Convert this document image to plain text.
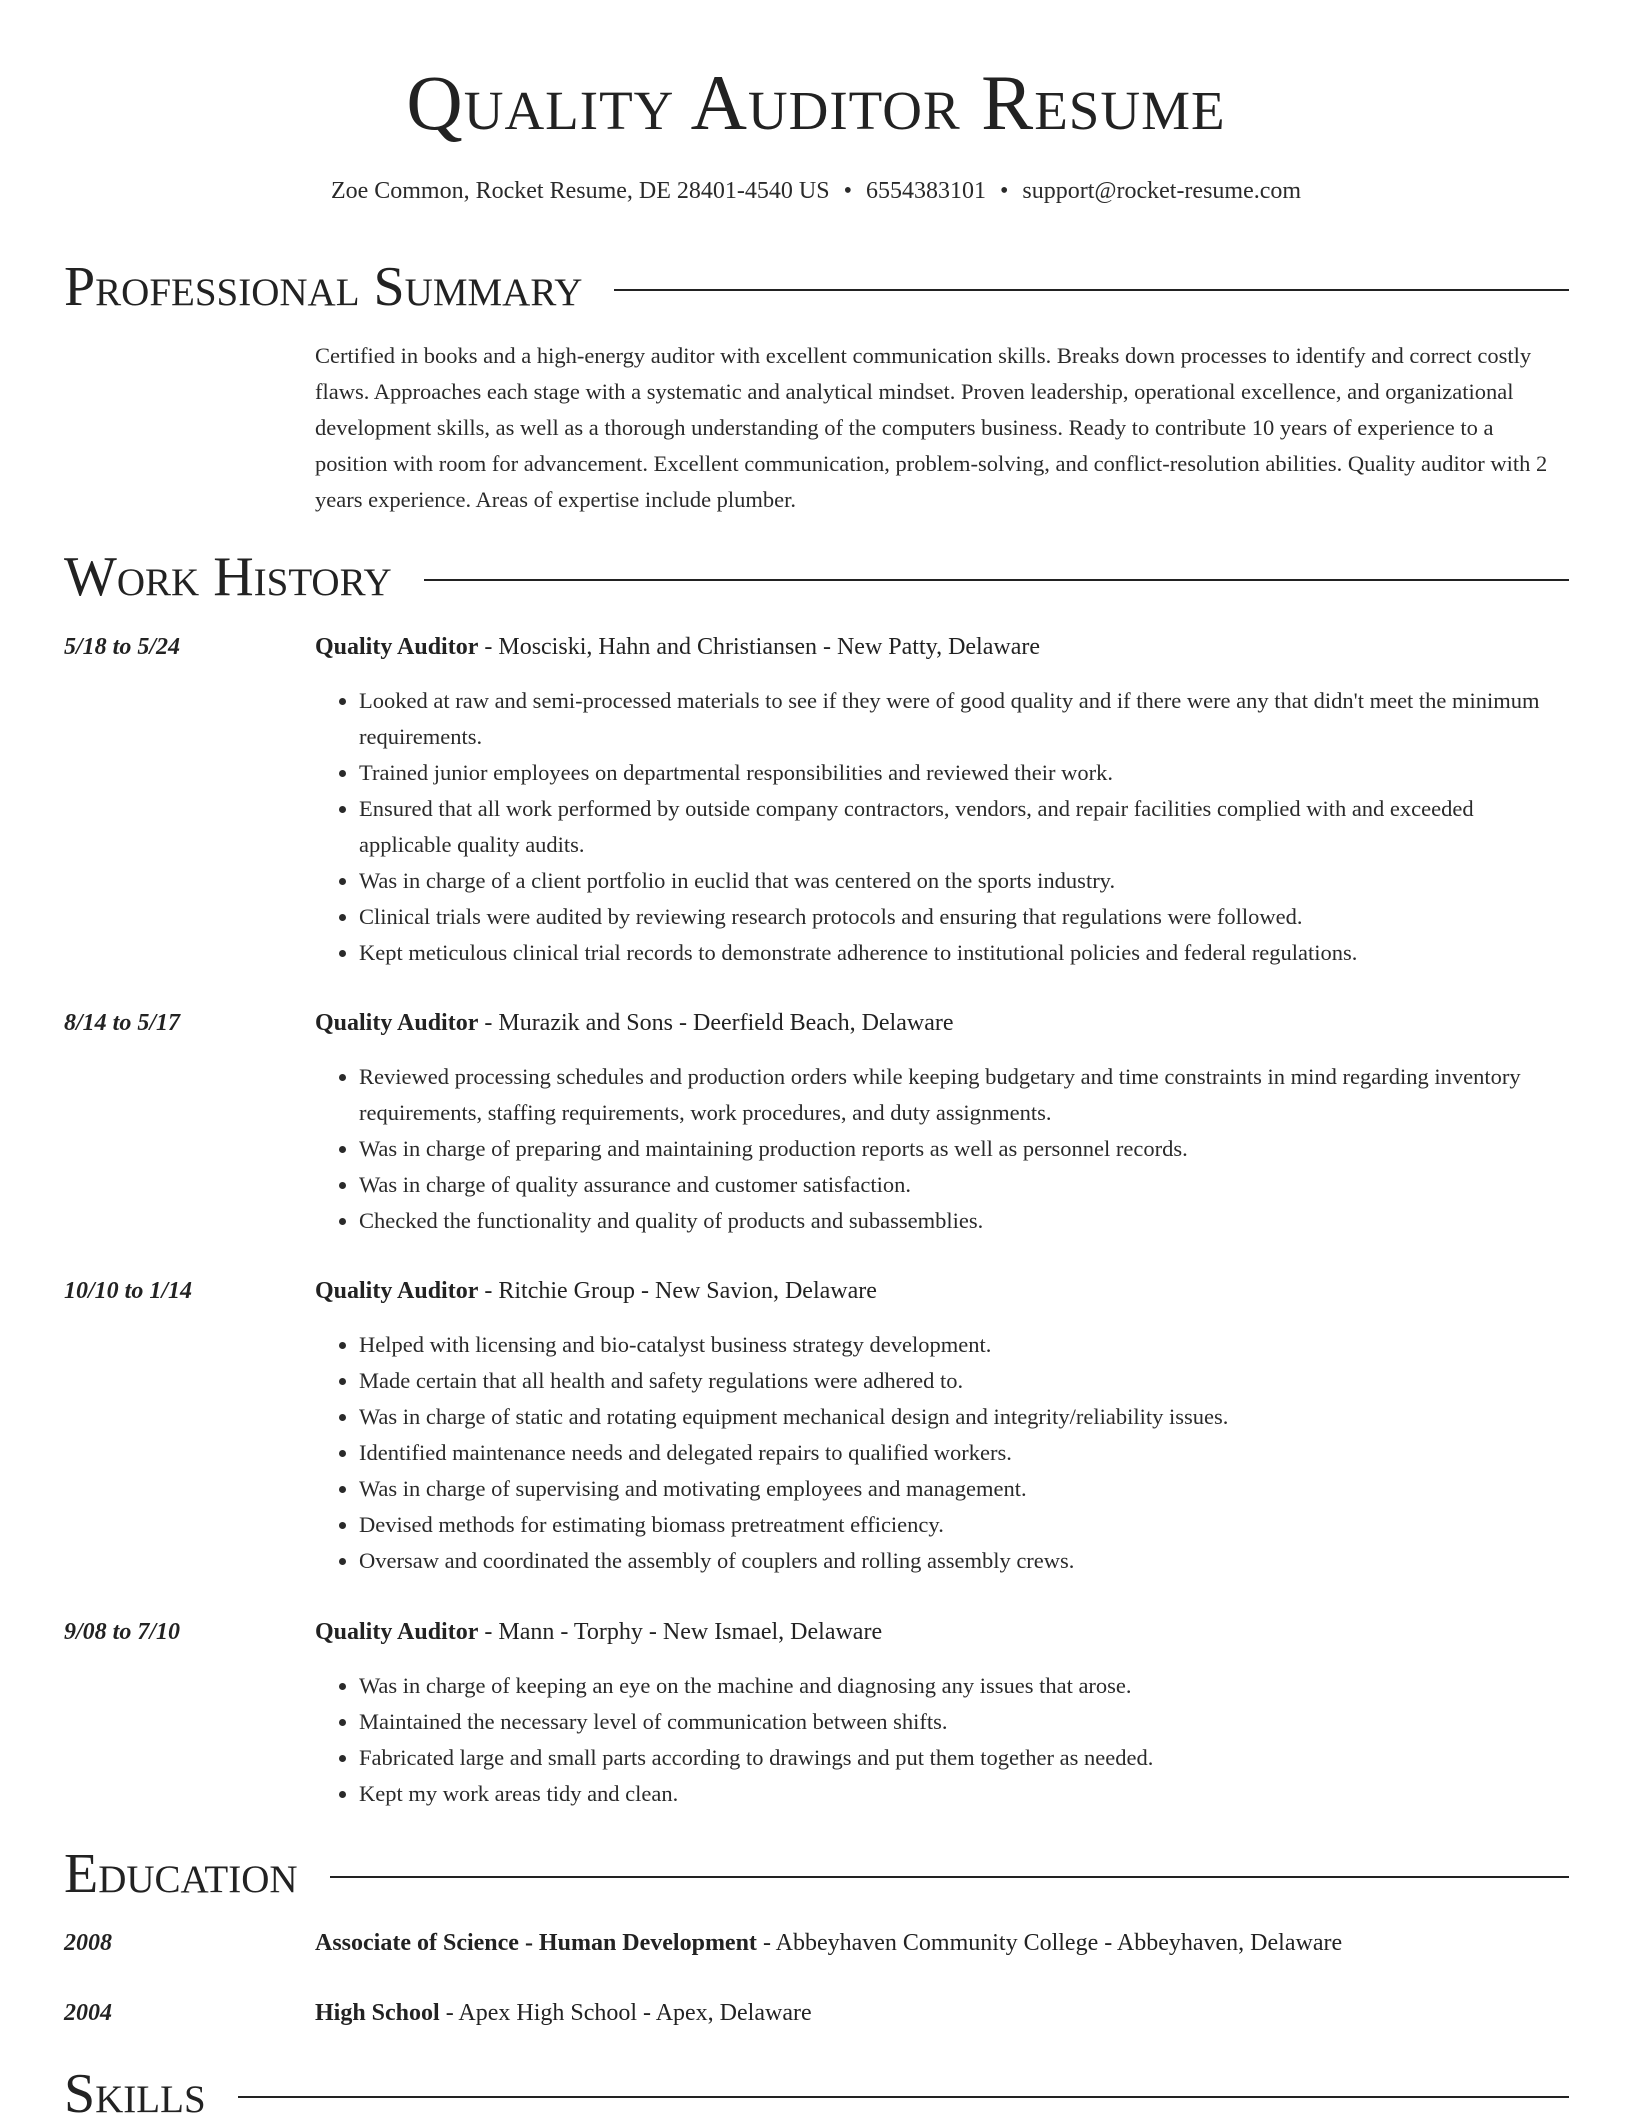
Quality Auditor Resume
Zoe Common, Rocket Resume, DE 28401-4540 US • 6554383101 • support@rocket-resume.com
Professional Summary
Certified in books and a high-energy auditor with excellent communication skills. Breaks down processes to identify and correct costly flaws. Approaches each stage with a systematic and analytical mindset. Proven leadership, operational excellence, and organizational development skills, as well as a thorough understanding of the computers business. Ready to contribute 10 years of experience to a position with room for advancement. Excellent communication, problem-solving, and conflict-resolution abilities. Quality auditor with 2 years experience. Areas of expertise include plumber.
Work History
5/18 to 5/24	Quality Auditor - Mosciski, Hahn and Christiansen - New Patty, Delaware
• Looked at raw and semi-processed materials to see if they were of good quality and if there were any that didn't meet the minimum requirements.
• Trained junior employees on departmental responsibilities and reviewed their work.
• Ensured that all work performed by outside company contractors, vendors, and repair facilities complied with and exceeded applicable quality audits.
• Was in charge of a client portfolio in euclid that was centered on the sports industry.
• Clinical trials were audited by reviewing research protocols and ensuring that regulations were followed.
• Kept meticulous clinical trial records to demonstrate adherence to institutional policies and federal regulations.
8/14 to 5/17	Quality Auditor - Murazik and Sons - Deerfield Beach, Delaware
• Reviewed processing schedules and production orders while keeping budgetary and time constraints in mind regarding inventory requirements, staffing requirements, work procedures, and duty assignments.
• Was in charge of preparing and maintaining production reports as well as personnel records.
• Was in charge of quality assurance and customer satisfaction.
• Checked the functionality and quality of products and subassemblies.
10/10 to 1/14	Quality Auditor - Ritchie Group - New Savion, Delaware
• Helped with licensing and bio-catalyst business strategy development.
• Made certain that all health and safety regulations were adhered to.
• Was in charge of static and rotating equipment mechanical design and integrity/reliability issues.
• Identified maintenance needs and delegated repairs to qualified workers.
• Was in charge of supervising and motivating employees and management.
• Devised methods for estimating biomass pretreatment efficiency.
• Oversaw and coordinated the assembly of couplers and rolling assembly crews.
9/08 to 7/10	Quality Auditor - Mann - Torphy - New Ismael, Delaware
• Was in charge of keeping an eye on the machine and diagnosing any issues that arose.
• Maintained the necessary level of communication between shifts.
• Fabricated large and small parts according to drawings and put them together as needed.
• Kept my work areas tidy and clean.
Education
2008	Associate of Science - Human Development - Abbeyhaven Community College - Abbeyhaven, Delaware
2004	High School - Apex High School - Apex, Delaware
Skills
